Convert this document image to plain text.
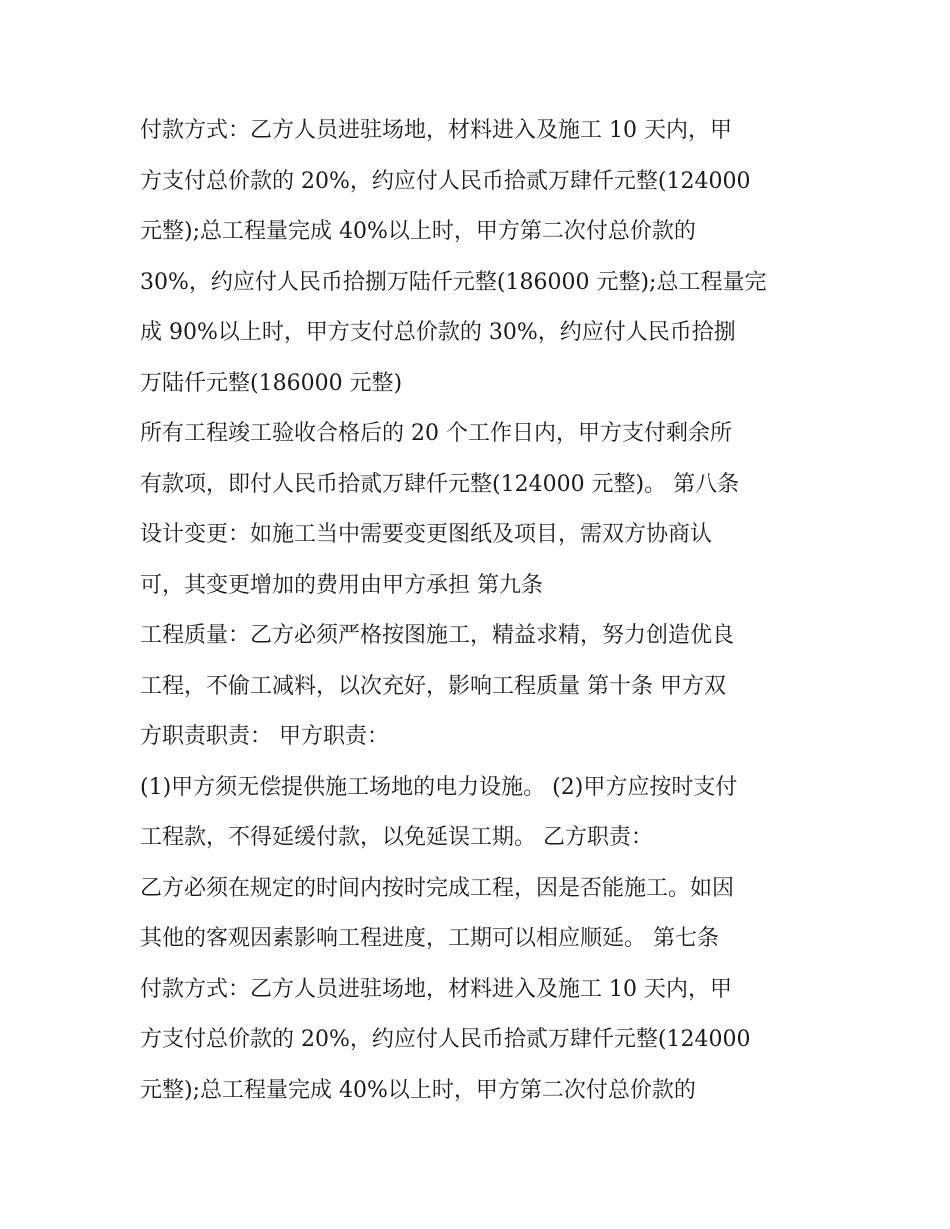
付款方式：乙方人员进驻场地，材料进入及施工 10 天内，甲
方支付总价款的 20%，约应付人民币拾贰万肆仟元整(124000
元整);总工程量完成 40%以上时，甲方第二次付总价款的
30%，约应付人民币拾捌万陆仟元整(186000 元整);总工程量完
成 90%以上时，甲方支付总价款的 30%，约应付人民币拾捌
万陆仟元整(186000 元整)
所有工程竣工验收合格后的 20 个工作日内，甲方支付剩余所
有款项，即付人民币拾贰万肆仟元整(124000 元整)。 第八条
设计变更：如施工当中需要变更图纸及项目，需双方协商认
可，其变更增加的费用由甲方承担 第九条
工程质量：乙方必须严格按图施工，精益求精，努力创造优良
工程，不偷工减料，以次充好，影响工程质量 第十条 甲方双
方职责职责： 甲方职责：
(1)甲方须无偿提供施工场地的电力设施。 (2)甲方应按时支付
工程款，不得延缓付款，以免延误工期。 乙方职责：
乙方必须在规定的时间内按时完成工程，因是否能施工。如因
其他的客观因素影响工程进度，工期可以相应顺延。 第七条
付款方式：乙方人员进驻场地，材料进入及施工 10 天内，甲
方支付总价款的 20%，约应付人民币拾贰万肆仟元整(124000
元整);总工程量完成 40%以上时，甲方第二次付总价款的
